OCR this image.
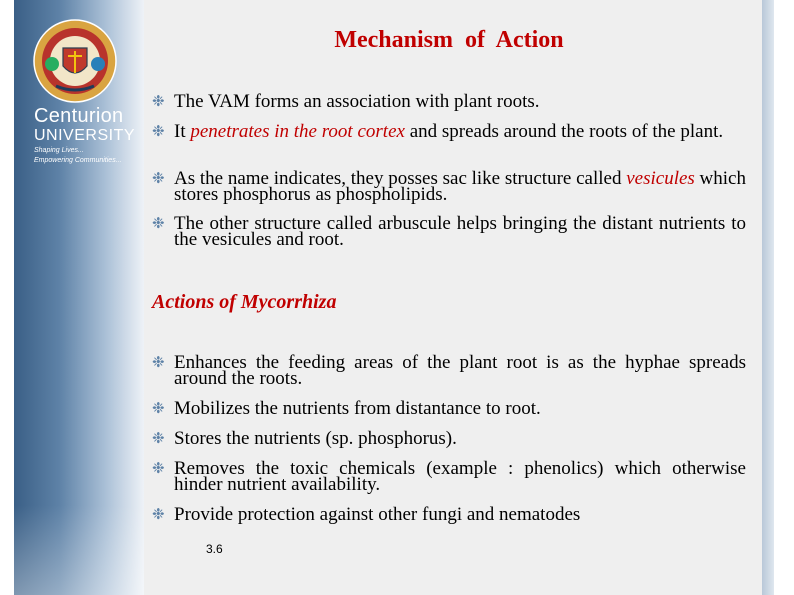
Centurion
UNIVERSITY
Shaping Lives...
Empowering Communities...
Mechanism  of  Action
❉ The VAM forms an association with plant roots.
❉ It penetrates in the root cortex and spreads around the roots of the plant.
❉ As the name indicates, they posses sac like structure called vesicules which stores phosphorus as phospholipids.
❉ The other structure called arbuscule helps bringing the distant nutrients to the vesicules and root.
Actions of Mycorrhiza
❉ Enhances the feeding areas of the plant root is as the hyphae spreads around the roots.
❉ Mobilizes the nutrients from distantance to root.
❉ Stores the nutrients (sp. phosphorus).
❉ Removes the toxic chemicals (example : phenolics) which otherwise hinder nutrient availability.
❉ Provide protection against other fungi and nematodes
3.6
